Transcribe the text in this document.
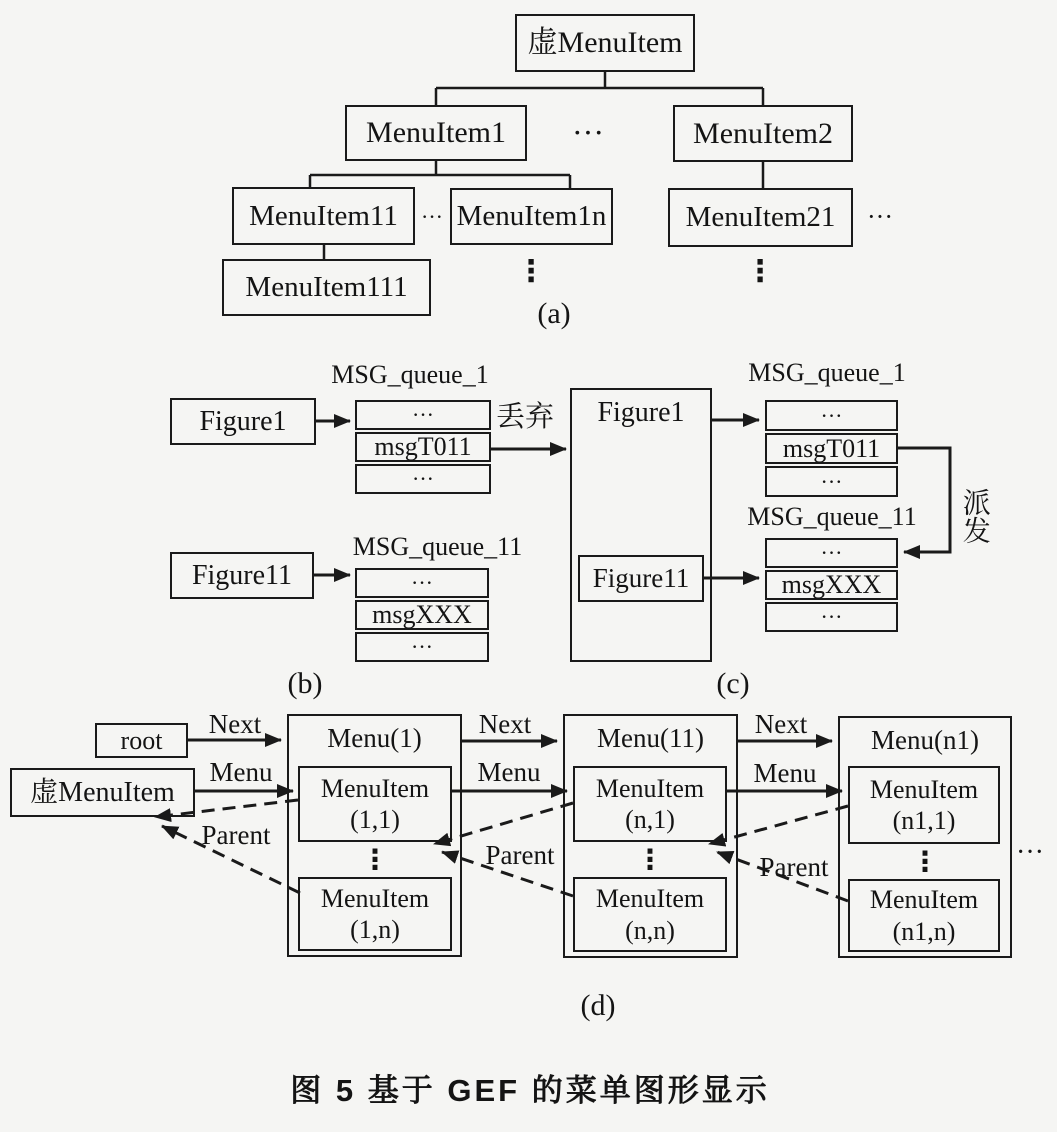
虚MenuItem
MenuItem1	···	MenuItem2
MenuItem11	··· MenuItem1n	MenuItem21	···
MenuItem111	⋮	⋮
(a)
MSG_queue_1
Figure1	···
msgT011
···
丢弃
MSG_queue_11
Figure11	···
msgXXX
···
(b)
Figure1
MSG_queue_1
···
msgT011
···
派发
MSG_queue_11
Figure11
···
msgXXX
···
(c)
root
Next
虚MenuItem
Menu
Parent
Menu(1)
MenuItem
(1,1)
⋮
MenuItem
(1,n)
Next
Menu
Parent
Menu(11)
MenuItem
(n,1)
⋮
MenuItem
(n,n)
Next
Menu
Parent
Menu(n1)
MenuItem
(n1,1)
⋮
MenuItem
(n1,n)
···
(d)
图 5 基于 GEF 的菜单图形显示
